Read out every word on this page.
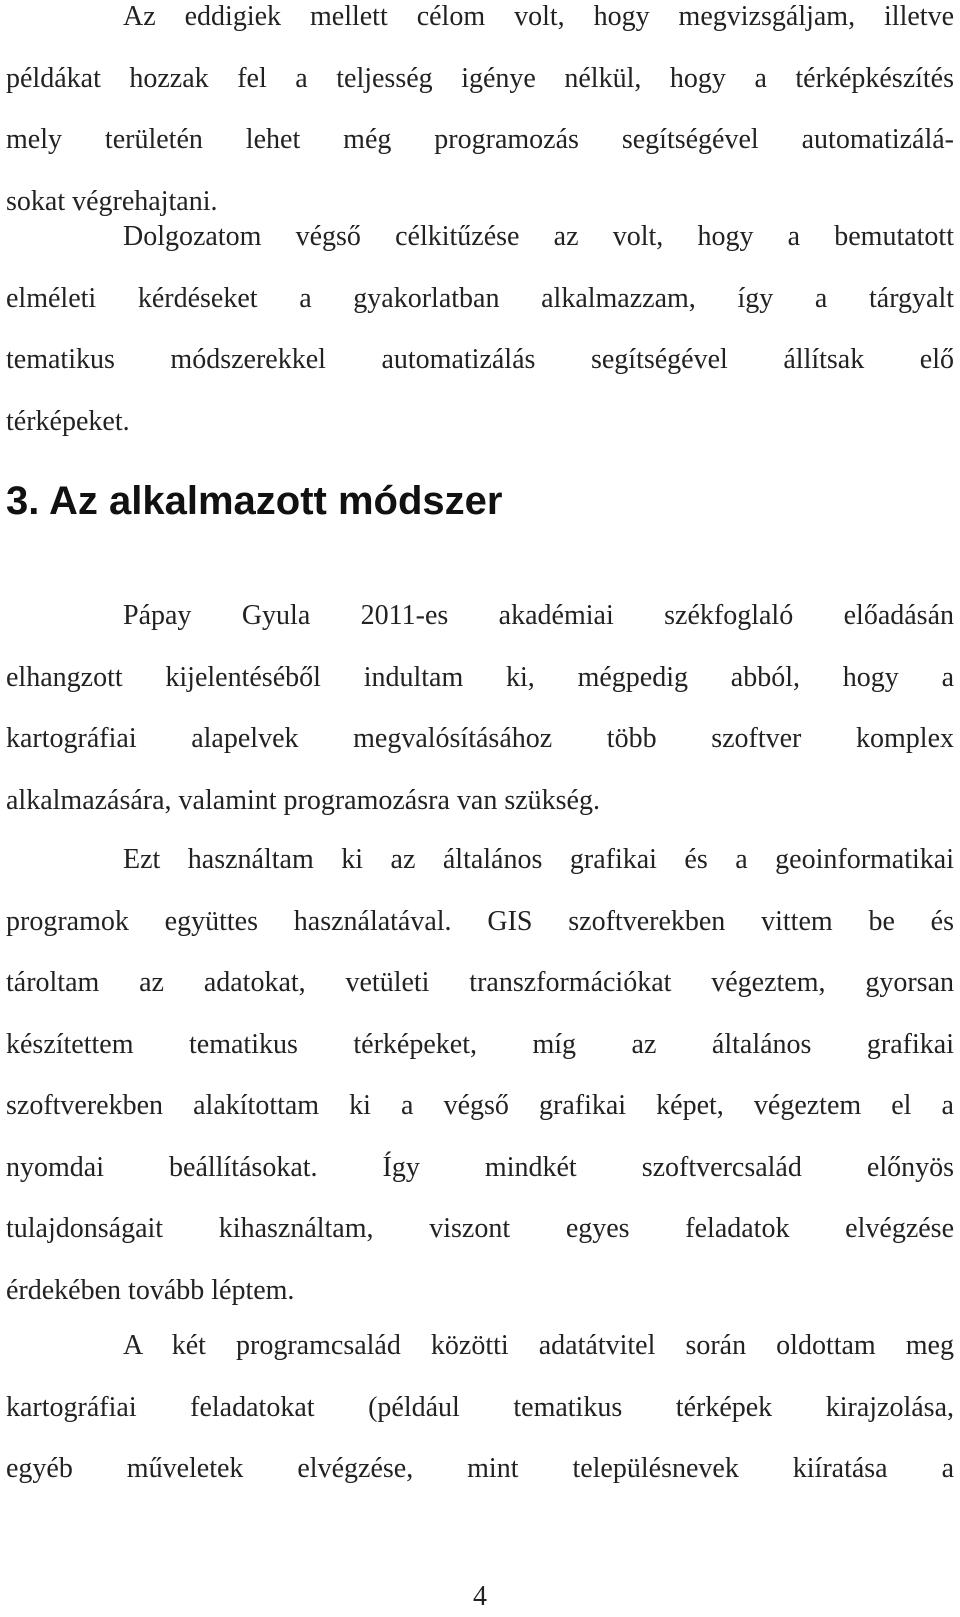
Az eddigiek mellett célom volt, hogy megvizsgáljam, illetve

példákat hozzak fel a teljesség igénye nélkül, hogy a térképkészítés

mely területén lehet még programozás segítségével automatizálá-

sokat végrehajtani.

Dolgozatom végső célkitűzése az volt, hogy a bemutatott

elméleti kérdéseket a gyakorlatban alkalmazzam, így a tárgyalt

tematikus módszerekkel automatizálás segítségével állítsak elő

térképeket.

3. Az alkalmazott módszer

Pápay Gyula 2011-es akadémiai székfoglaló előadásán

elhangzott kijelentéséből indultam ki, mégpedig abból, hogy a

kartográfiai alapelvek megvalósításához több szoftver komplex

alkalmazására, valamint programozásra van szükség.

Ezt használtam ki az általános grafikai és a geoinformatikai

programok együttes használatával. GIS szoftverekben vittem be és

tároltam az adatokat, vetületi transzformációkat végeztem, gyorsan

készítettem tematikus térképeket, míg az általános grafikai

szoftverekben alakítottam ki a végső grafikai képet, végeztem el a

nyomdai beállításokat. Így mindkét szoftvercsalád előnyös

tulajdonságait kihasználtam, viszont egyes feladatok elvégzése

érdekében tovább léptem.

A két programcsalád közötti adatátvitel során oldottam meg

kartográfiai feladatokat (például tematikus térképek kirajzolása,

egyéb műveletek elvégzése, mint településnevek kiíratása a

4
